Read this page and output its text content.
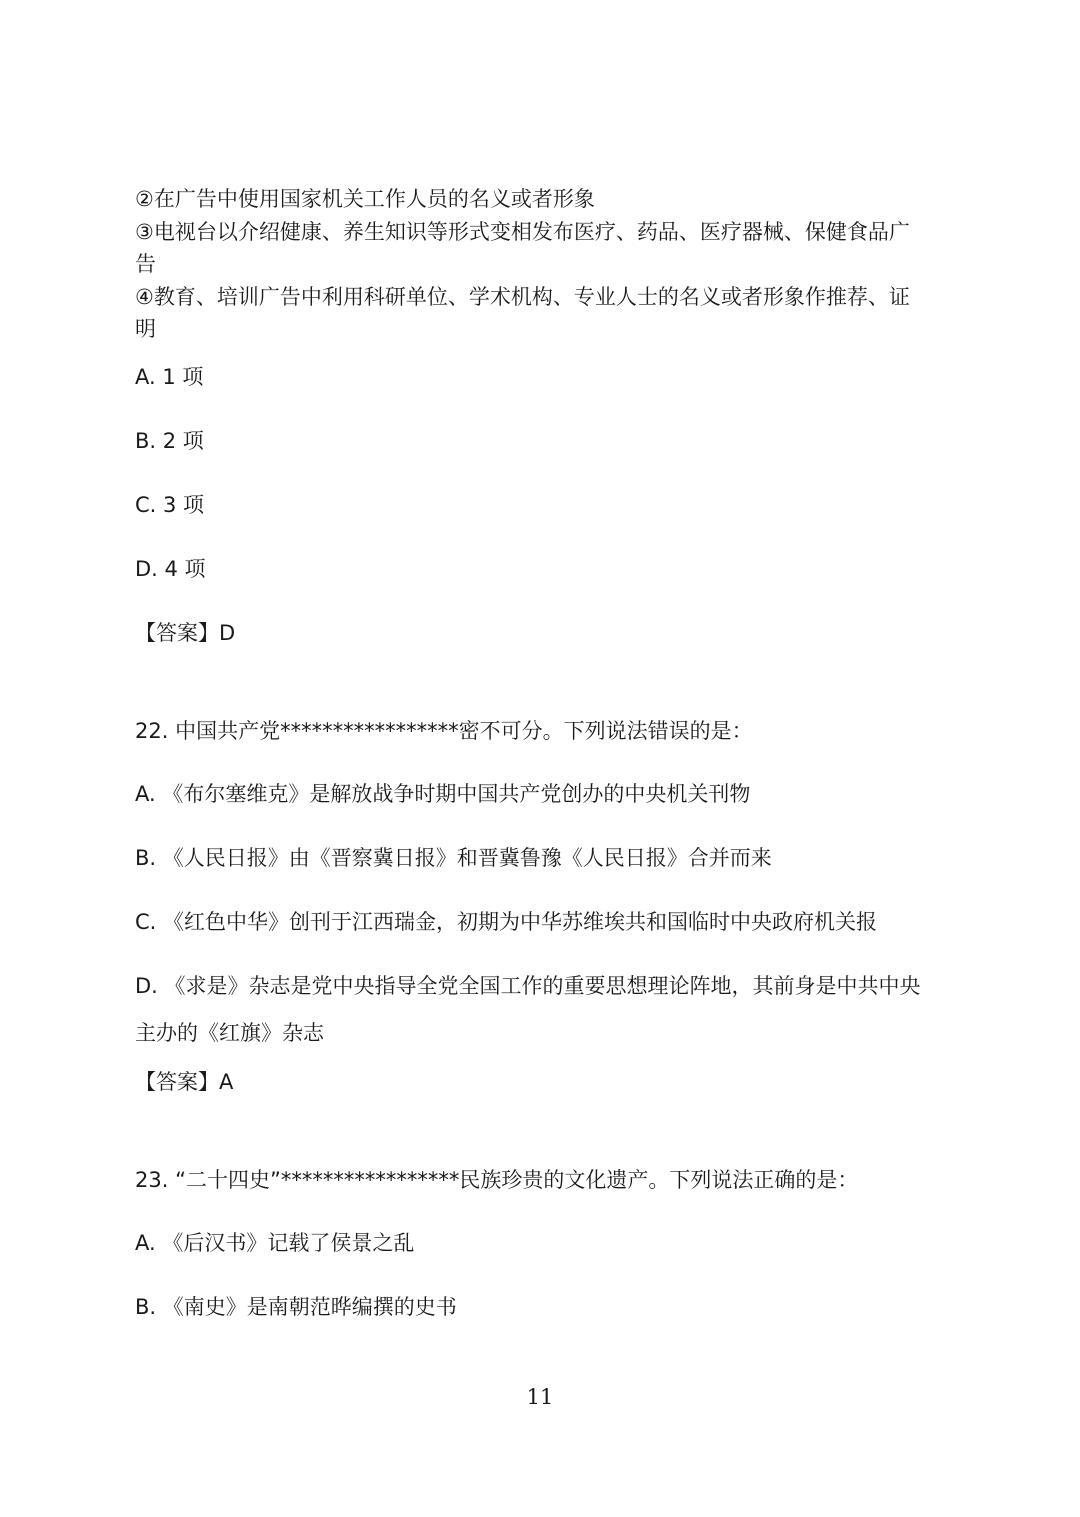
②在广告中使用国家机关工作人员的名义或者形象
③电视台以介绍健康、养生知识等形式变相发布医疗、药品、医疗器械、保健食品广
告
④教育、培训广告中利用科研单位、学术机构、专业人士的名义或者形象作推荐、证
明
A. 1 项
B. 2 项
C. 3 项
D. 4 项
【答案】D
22. 中国共产党*****************密不可分。下列说法错误的是：
A. 《布尔塞维克》是解放战争时期中国共产党创办的中央机关刊物
B. 《人民日报》由《晋察冀日报》和晋冀鲁豫《人民日报》合并而来
C. 《红色中华》创刊于江西瑞金，初期为中华苏维埃共和国临时中央政府机关报
D. 《求是》杂志是党中央指导全党全国工作的重要思想理论阵地，其前身是中共中央
主办的《红旗》杂志
【答案】A
23. “二十四史”*****************民族珍贵的文化遗产。下列说法正确的是：
A. 《后汉书》记载了侯景之乱
B. 《南史》是南朝范晔编撰的史书
11
